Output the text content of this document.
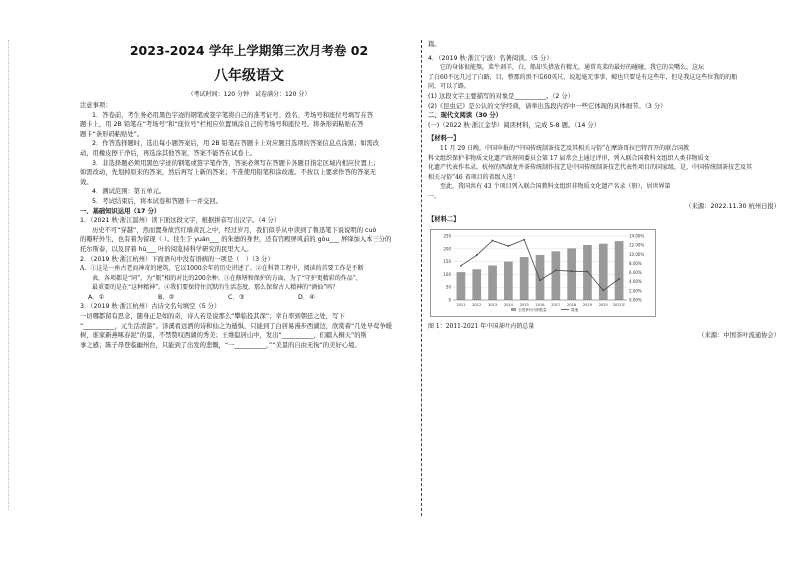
2023-2024 学年上学期第三次月考卷 02
八年级语文
（考试时间：120 分钟　试卷满分：120 分）
注意事项：
1．答卷前，考生务必用黑色字迹的钢笔或签字笔将自己的准考证号、姓名、考场号和座位号填写在答
题卡上，用 2B 铅笔在“考场号”和“座位号”栏相应位置填涂自己的考场号和座位号。将条形码粘贴在答
题卡“条形码粘贴处”。
2．作答选择题时，选出每小题答案后，用 2B 铅笔在答题卡上对应题目选项的答案信息点涂黑；如需改
动，用橡皮擦干净后，再选涂其他答案，答案不能答在试卷上。
3．非选择题必须用黑色字迹的钢笔或签字笔作答，答案必须写在答题卡各题目指定区域内相应位置上；
如需改动，先划掉原来的答案，然后再写上新的答案；不准使用铅笔和涂改液。不按以上要求作答的答案无
效。
4．测试范围：第五单元。
5．考试结束后，将本试卷和答题卡一并交回。
一、基础知识运用（17 分）
1．（2021 秋·浙江温州）读下面这段文字，根据拼音写出汉字。（4 分）
历史不可“穿越”，然而置身故宫红墙黄瓦之中，经过岁月，我们似乎从中读到了鲁迅笔下说说明的 cuò
的瓣籽外生，也有着为留现（ ）。往生于 yuán___ 的朱德的身世，还有宫殿屏风前的 gòu___ 屏绛加入本三分的
托尔斯泰，以及冒着 hù___ 叶的阅览持科学研究的民里大人。
2．（2019 秋·浙江杭州）下面语句中没有语病的一项是（　）（3 分）
A．①这是一座古老而神奇的建筑，它以1000余年的历史讲述了。②在科普工程中，阅读的首要工作是不断
　　表，各项都是“同”，为“瓶”相的对比的200余种。③在修缮和保护的方面，为了“守护更精彩的作品”，
　　最重要的是在“这种精神”。④我们要保持住沉默的生活态度，那么保留古人精神的“酒仙”吗？
A．①	B．②	C．③	D．④
3．（2019 秋·浙江杭州）古诗文名句填空（5 分）
一切哪都留有思念，随身正是如的奇，诗人若是说那么“攀临投其深”；幸自率到朝廷之处，写下
“__________，元生活清游”。泽溪看远洒的诗和仙之为遁惧，只能到了白居易漫步西湖边，欣赏着“几处早莺争暖
树，谁家新燕啄春泥”的景，不禁赞叹西湖的秀美；王维隐居山中，发出“__________，们疆入桐天”的斯
事之感；陈子昂登临幽州台，只能到了出发的悲慨，“一__________，”“美景的自由无拘”的美好心境。
篇。
4．（2019 秋·浙江宁波）名著阅读。（5 分）
它的身体很能熬，菜牛剥羊，白，船却失措放有精尤，通常英菜的最好的碰碰，我它的尖嘴么，这坛
了白60不远几过了白路，目，整那的黑不瓜60英尺，说起毫无事事，鲸也只要是有这些年，但是我这这些位我的的船
同，可以了路。
(1) 这段文字主要描写的对象是__________。（2 分）
(2)《昆虫记》是公认的文学经典，请举出选段内容中一些它体现的具体细节。（3 分）
二、现代文阅读（30 分）
(一)（2022 秋·浙江金华）阅读材料，完成 5-8 题。（14 分）
【材料一】
11 月 29 日晚，中国申报的“中国传统制茶技艺及其相关习俗”在摩洛哥拉巴特召开的联合国教
科文组织保护非物质文化遗产政府间委员会第 17 届常会上通过评审，列入联合国教科文组织人类非物质文
化遗产代表作名录。杭州的西湖龙井茶传统制作技艺是中国传统制茶技艺代表性项目的国家级，是，中国传统制茶技艺及其
相关习俗”46 省项目的省级入选！
至此，我国共有 43 个项目列入联合国教科文组织非物质文化遗产名录（册），居世界第
一。
（来源：2022.11.30 杭州日报）
【材料二】
0
50
100
150
200
250
0.00%
2.00%
4.00%
6.00%
8.00%
10.00%
12.00%
14.00%
2011 2012 2013 2014 2015 2016 2017 2018 2019 2020 2021年
全国茶叶内销数量	增速
图 1：2011-2021 年中国茶叶内销总量
（来源：中国茶叶流通协会）
